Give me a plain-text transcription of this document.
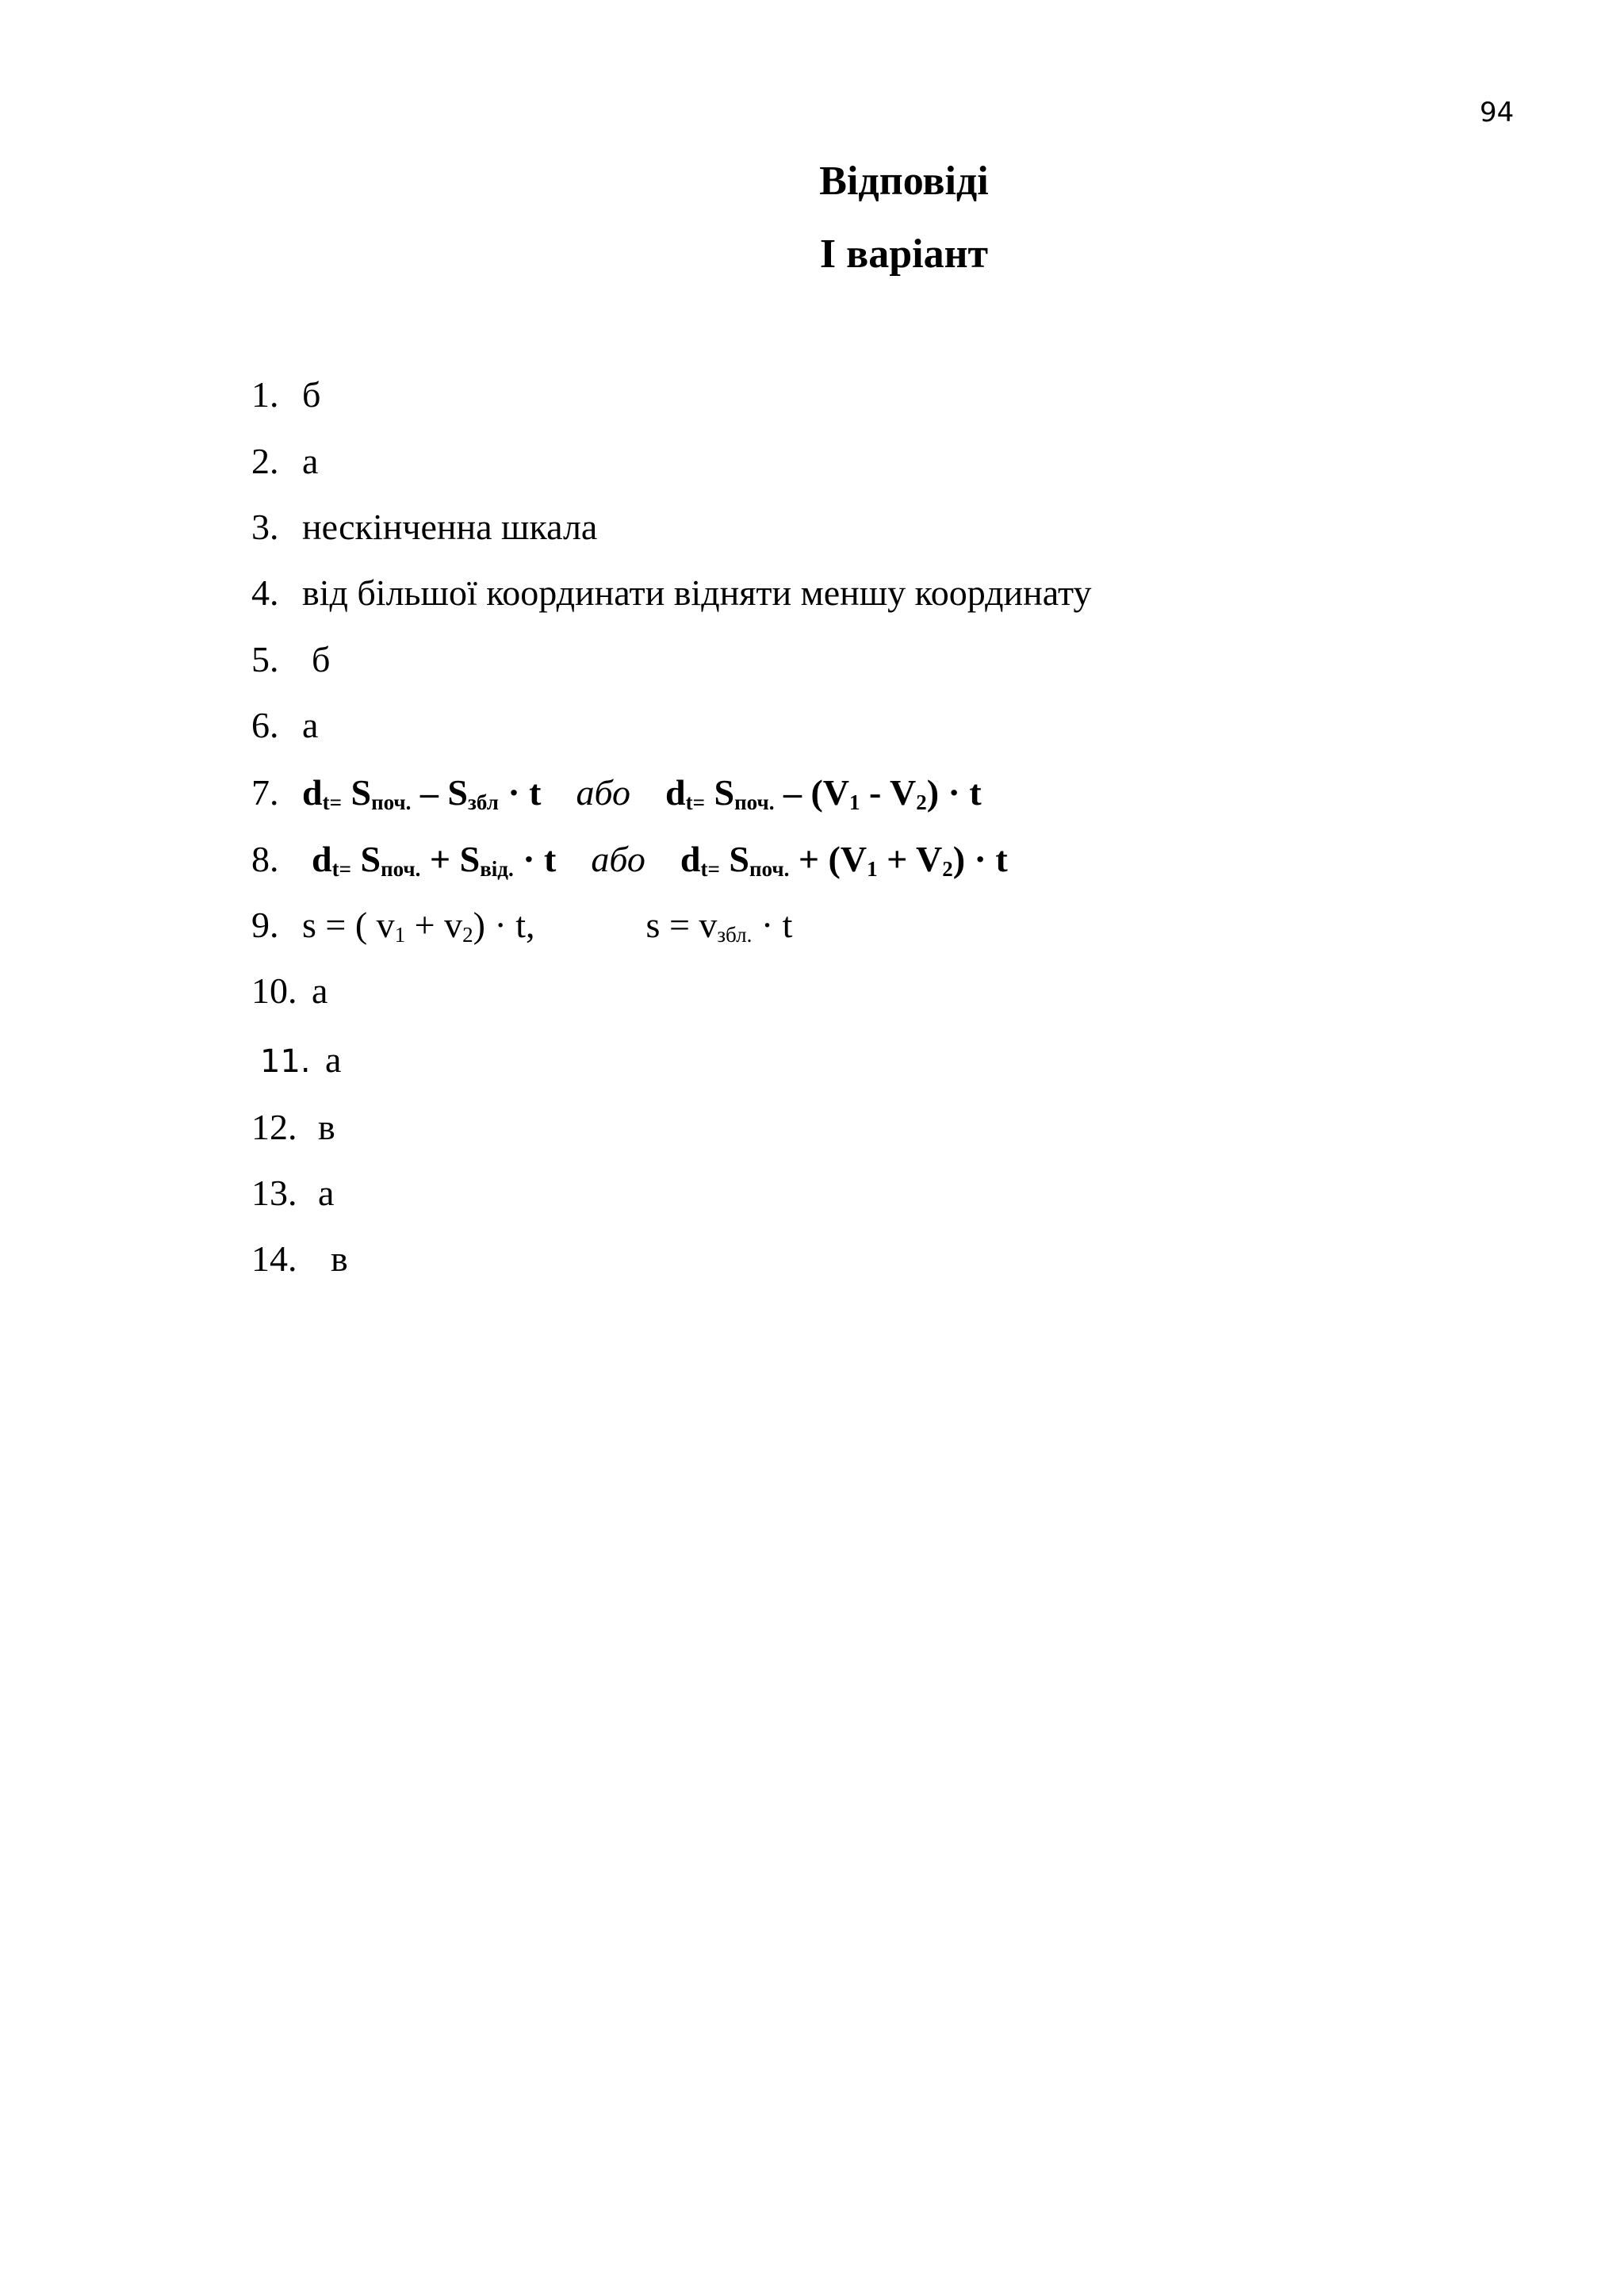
94
Відповіді
І варіант
1. б
2. а
3. нескінченна шкала
4. від більшої координати відняти меншу координату
5. б
6. а
7. $d_{t=}$ $S_{поч.} - S_{збл} \cdot t$ або $d_{t=}$ $S_{поч.} - (V_1 - V_2) \cdot t$
8. $d_{t=}$ $S_{поч.} + S_{від.} \cdot t$ або $d_{t=}$ $S_{поч.} + (V_1 + V_2) \cdot t$
9. s = ( $v_1 + v_2) \cdot t$,	$s = v_{збл.} \cdot t$
10. а
11. а
12. в
13. а
14. в
